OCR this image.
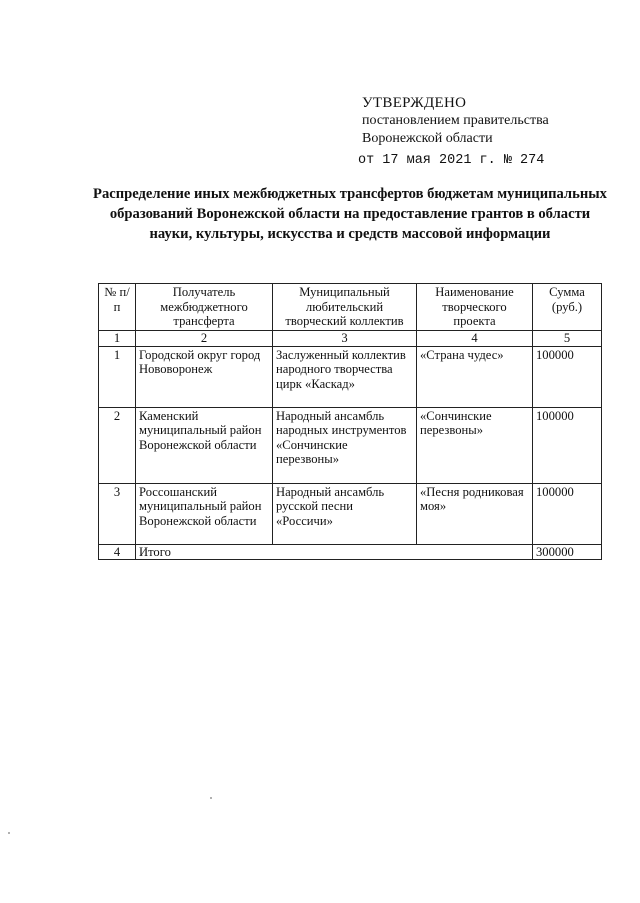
УТВЕРЖДЕНО
постановлением правительства
Воронежской области
от 17 мая 2021 г. № 274
Распределение иных межбюджетных трансфертов бюджетам муниципальных образований Воронежской области на предоставление грантов в области науки, культуры, искусства и средств массовой информации
№ п/п	Получатель межбюджетного трансферта	Муниципальный любительский творческий коллектив	Наименование творческого проекта	Сумма (руб.)
1	2	3	4	5
1	Городской округ город Нововоронеж	Заслуженный коллектив народного творчества цирк «Каскад»	«Страна чудес»	100000
2	Каменский муниципальный район Воронежской области	Народный ансамбль народных инструментов «Сончинские перезвоны»	«Сончинские перезвоны»	100000
3	Россошанский муниципальный район Воронежской области	Народный ансамбль русской песни «Россичи»	«Песня родниковая моя»	100000
4	Итого			300000
